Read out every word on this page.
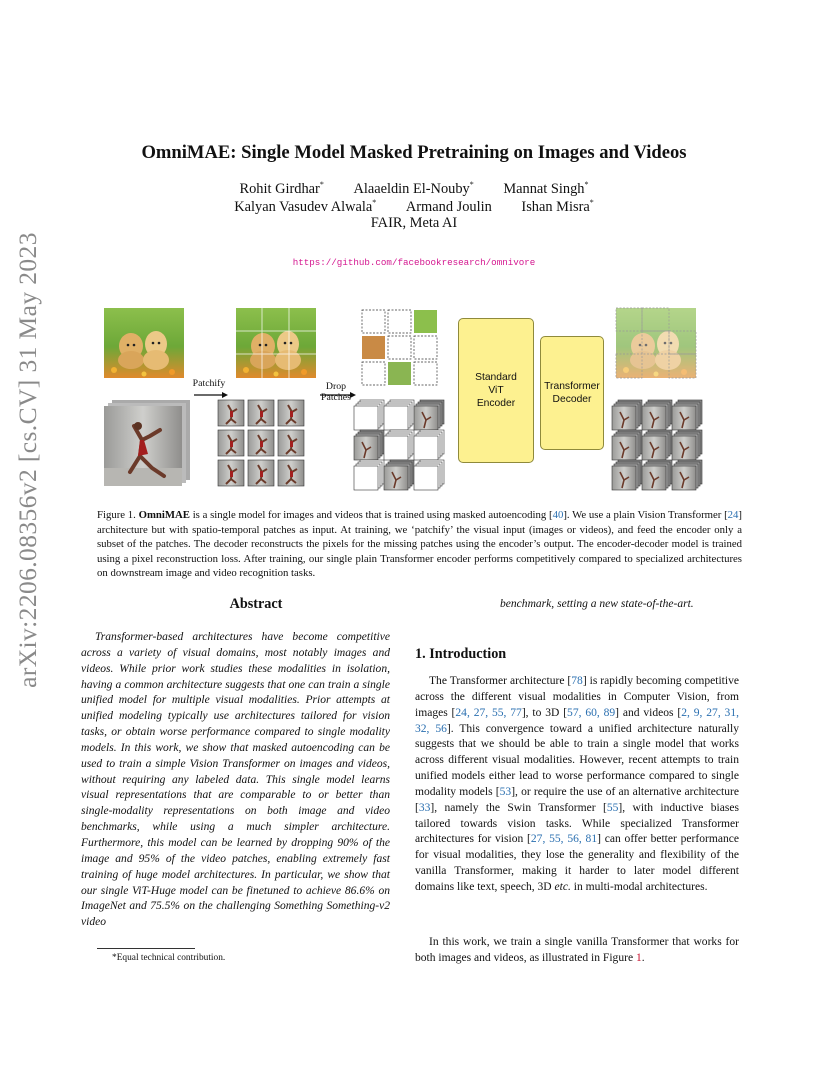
arXiv:2206.08356v2 [cs.CV] 31 May 2023
OmniMAE: Single Model Masked Pretraining on Images and Videos
Rohit Girdhar* Alaaeldin El-Nouby* Mannat Singh*
Kalyan Vasudev Alwala* Armand Joulin Ishan Misra*
FAIR, Meta AI
https://github.com/facebookresearch/omnivore
Patchify	Drop
Patches
Standard
ViT
Encoder
Transformer
Decoder
Figure 1. OmniMAE is a single model for images and videos that is trained using masked autoencoding [40]. We use a plain Vision Transformer [24] architecture but with spatio-temporal patches as input. At training, we ‘patchify’ the visual input (images or videos), and feed the encoder only a subset of the patches. The decoder reconstructs the pixels for the missing patches using the encoder’s output. The encoder-decoder model is trained using a pixel reconstruction loss. After training, our single plain Transformer encoder performs competitively compared to specialized architectures on downstream image and video recognition tasks.
Abstract
Transformer-based architectures have become competitive across a variety of visual domains, most notably images and videos. While prior work studies these modalities in isolation, having a common architecture suggests that one can train a single unified model for multiple visual modalities. Prior attempts at unified modeling typically use architectures tailored for vision tasks, or obtain worse performance compared to single modality models. In this work, we show that masked autoencoding can be used to train a simple Vision Transformer on images and videos, without requiring any labeled data. This single model learns visual representations that are comparable to or better than single-modality representations on both image and video benchmarks, while using a much simpler architecture. Furthermore, this model can be learned by dropping 90% of the image and 95% of the video patches, enabling extremely fast training of huge model architectures. In particular, we show that our single ViT-Huge model can be finetuned to achieve 86.6% on ImageNet and 75.5% on the challenging Something Something-v2 video
*Equal technical contribution.
benchmark, setting a new state-of-the-art.
1. Introduction
The Transformer architecture [78] is rapidly becoming competitive across the different visual modalities in Computer Vision, from images [24, 27, 55, 77], to 3D [57, 60, 89] and videos [2, 9, 27, 31, 32, 56]. This convergence toward a unified architecture naturally suggests that we should be able to train a single model that works across different visual modalities. However, recent attempts to train unified models either lead to worse performance compared to single modality models [53], or require the use of an alternative architecture [33], namely the Swin Transformer [55], with inductive biases tailored towards vision tasks. While specialized Transformer architectures for vision [27, 55, 56, 81] can offer better performance for visual modalities, they lose the generality and flexibility of the vanilla Transformer, making it harder to later model different domains like text, speech, 3D etc. in multi-modal architectures.
In this work, we train a single vanilla Transformer that works for both images and videos, as illustrated in Figure 1.
